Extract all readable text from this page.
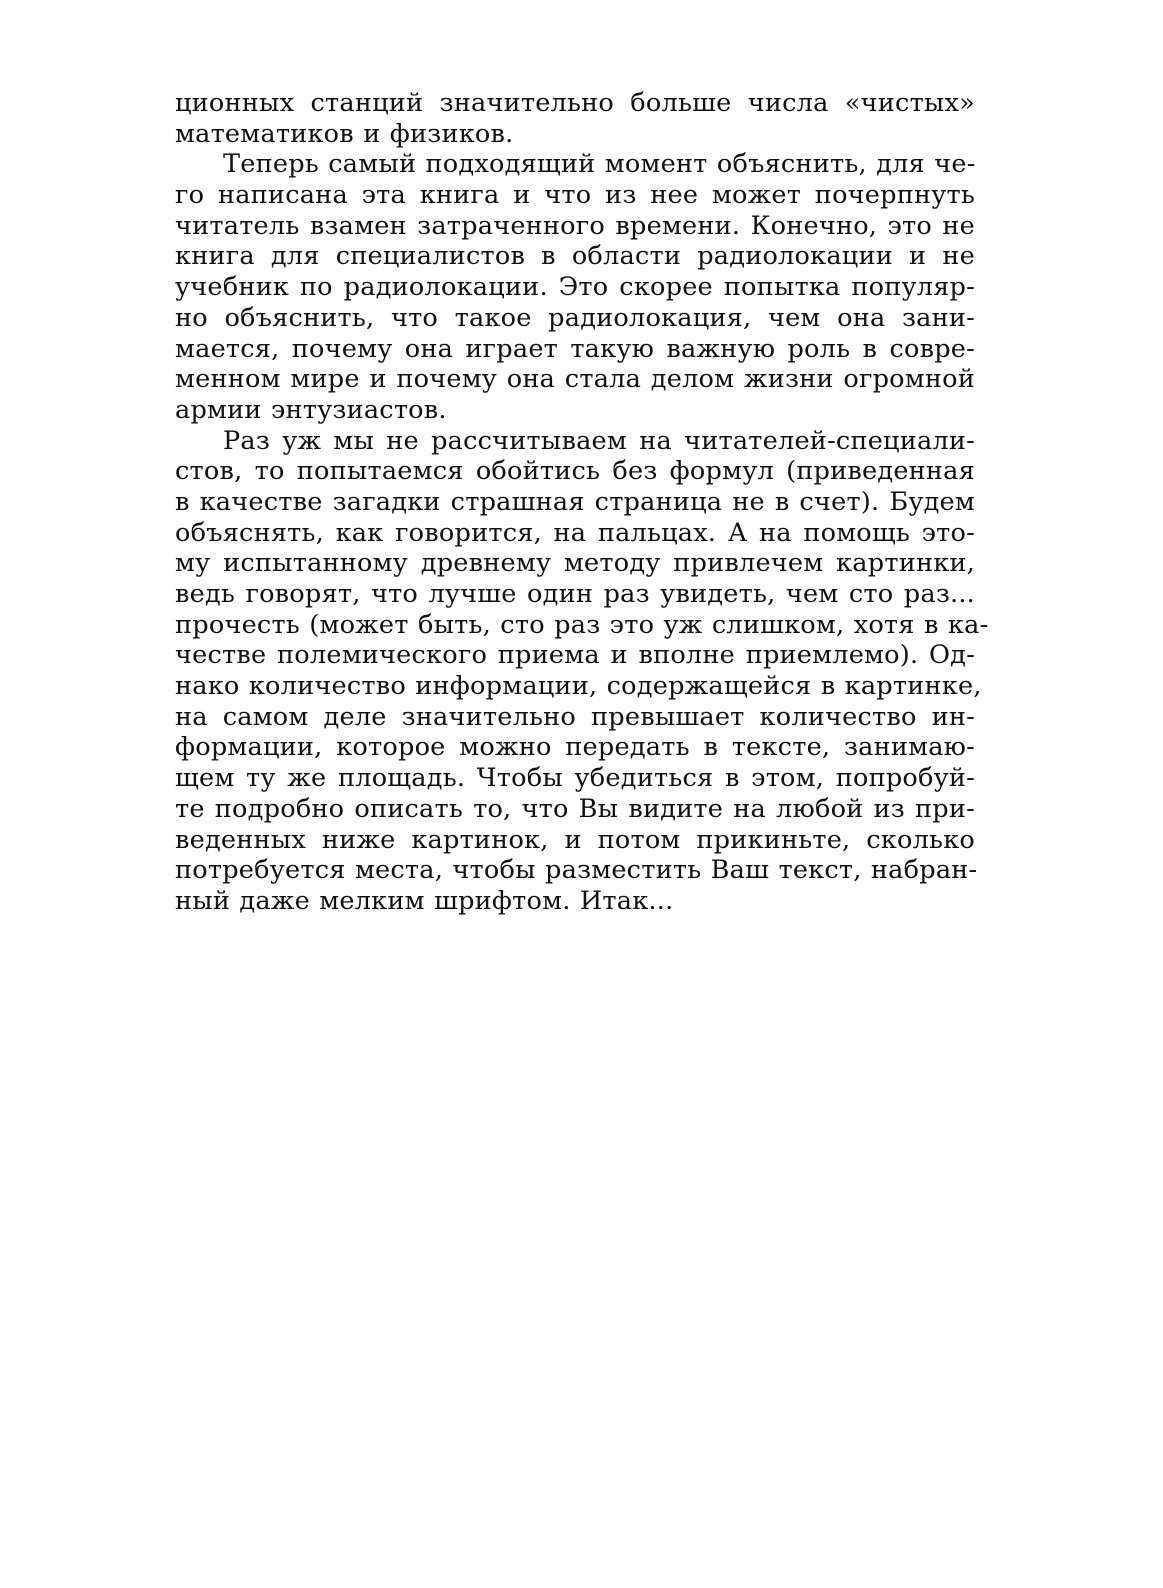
ционных станций значительно больше числа «чистых»
математиков и физиков.
Теперь самый подходящий момент объяснить, для че-
го написана эта книга и что из нее может почерпнуть
читатель взамен затраченного времени. Конечно, это не
книга для специалистов в области радиолокации и не
учебник по радиолокации. Это скорее попытка популяр-
но объяснить, что такое радиолокация, чем она зани-
мается, почему она играет такую важную роль в совре-
менном мире и почему она стала делом жизни огромной
армии энтузиастов.
Раз уж мы не рассчитываем на читателей-специали-
стов, то попытаемся обойтись без формул (приведенная
в качестве загадки страшная страница не в счет). Будем
объяснять, как говорится, на пальцах. А на помощь это-
му испытанному древнему методу привлечем картинки,
ведь говорят, что лучше один раз увидеть, чем сто раз...
прочесть (может быть, сто раз это уж слишком, хотя в ка-
честве полемического приема и вполне приемлемо). Од-
нако количество информации, содержащейся в картинке,
на самом деле значительно превышает количество ин-
формации, которое можно передать в тексте, занимаю-
щем ту же площадь. Чтобы убедиться в этом, попробуй-
те подробно описать то, что Вы видите на любой из при-
веденных ниже картинок, и потом прикиньте, сколько
потребуется места, чтобы разместить Ваш текст, набран-
ный даже мелким шрифтом. Итак...
